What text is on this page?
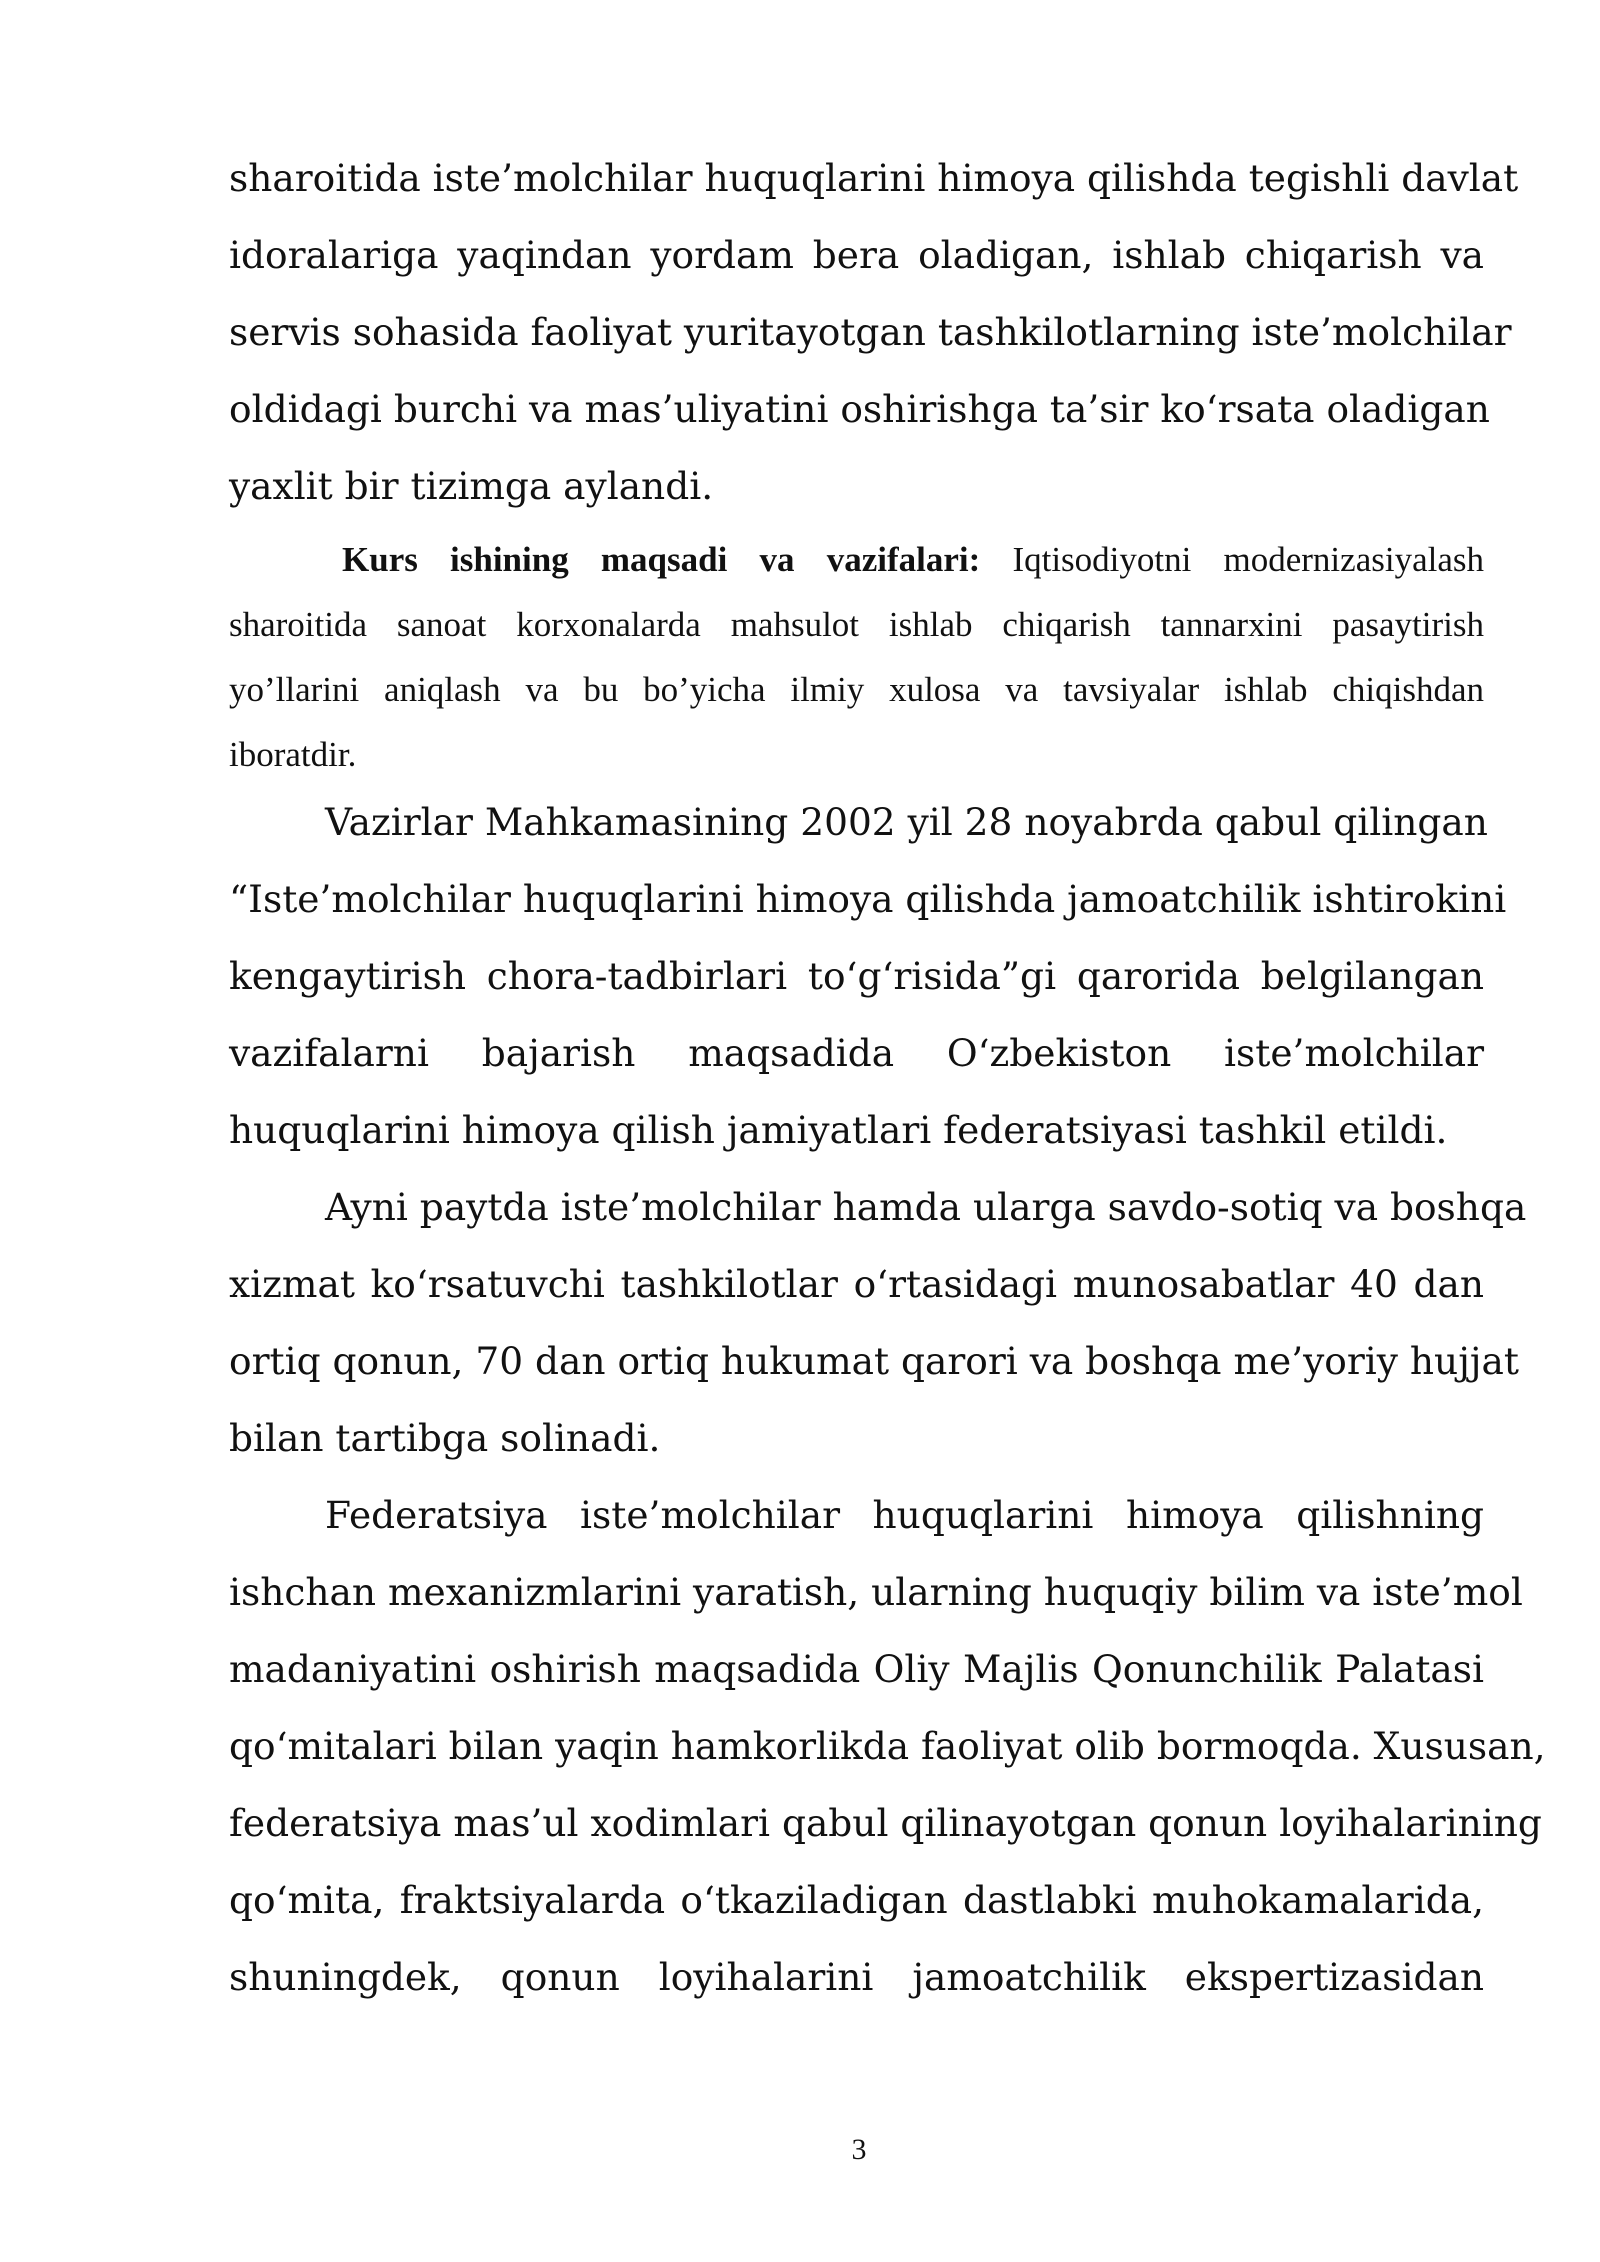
sharoitida iste’molchilar huquqlarini himoya qilishda tegishli davlat
idoralariga yaqindan yordam bera oladigan, ishlab chiqarish va
servis sohasida faoliyat yuritayotgan tashkilotlarning iste’molchilar
oldidagi burchi va mas’uliyatini oshirishga ta’sir ko‘rsata oladigan
yaxlit bir tizimga aylandi.
Kurs ishining maqsadi va vazifalari: Iqtisodiyotni modernizasiyalash
sharoitida sanoat korxonalarda mahsulot ishlab chiqarish tannarxini pasaytirish
yo’llarini aniqlash va bu bo’yicha ilmiy xulosa va tavsiyalar ishlab chiqishdan
iboratdir.
Vazirlar Mahkamasining 2002 yil 28 noyabrda qabul qilingan
“Iste’molchilar huquqlarini himoya qilishda jamoatchilik ishtirokini
kengaytirish chora-tadbirlari to‘g‘risida”gi qarorida belgilangan
vazifalarni bajarish maqsadida O‘zbekiston iste’molchilar
huquqlarini himoya qilish jamiyatlari federatsiyasi tashkil etildi.
Ayni paytda iste’molchilar hamda ularga savdo-sotiq va boshqa
xizmat ko‘rsatuvchi tashkilotlar o‘rtasidagi munosabatlar 40 dan
ortiq qonun, 70 dan ortiq hukumat qarori va boshqa me’yoriy hujjat
bilan tartibga solinadi.
Federatsiya iste’molchilar huquqlarini himoya qilishning
ishchan mexanizmlarini yaratish, ularning huquqiy bilim va iste’mol
madaniyatini oshirish maqsadida Oliy Majlis Qonunchilik Palatasi
qo‘mitalari bilan yaqin hamkorlikda faoliyat olib bormoqda. Xususan,
federatsiya mas’ul xodimlari qabul qilinayotgan qonun loyihalarining
qo‘mita, fraktsiyalarda o‘tkaziladigan dastlabki muhokamalarida,
shuningdek, qonun loyihalarini jamoatchilik ekspertizasidan
3
